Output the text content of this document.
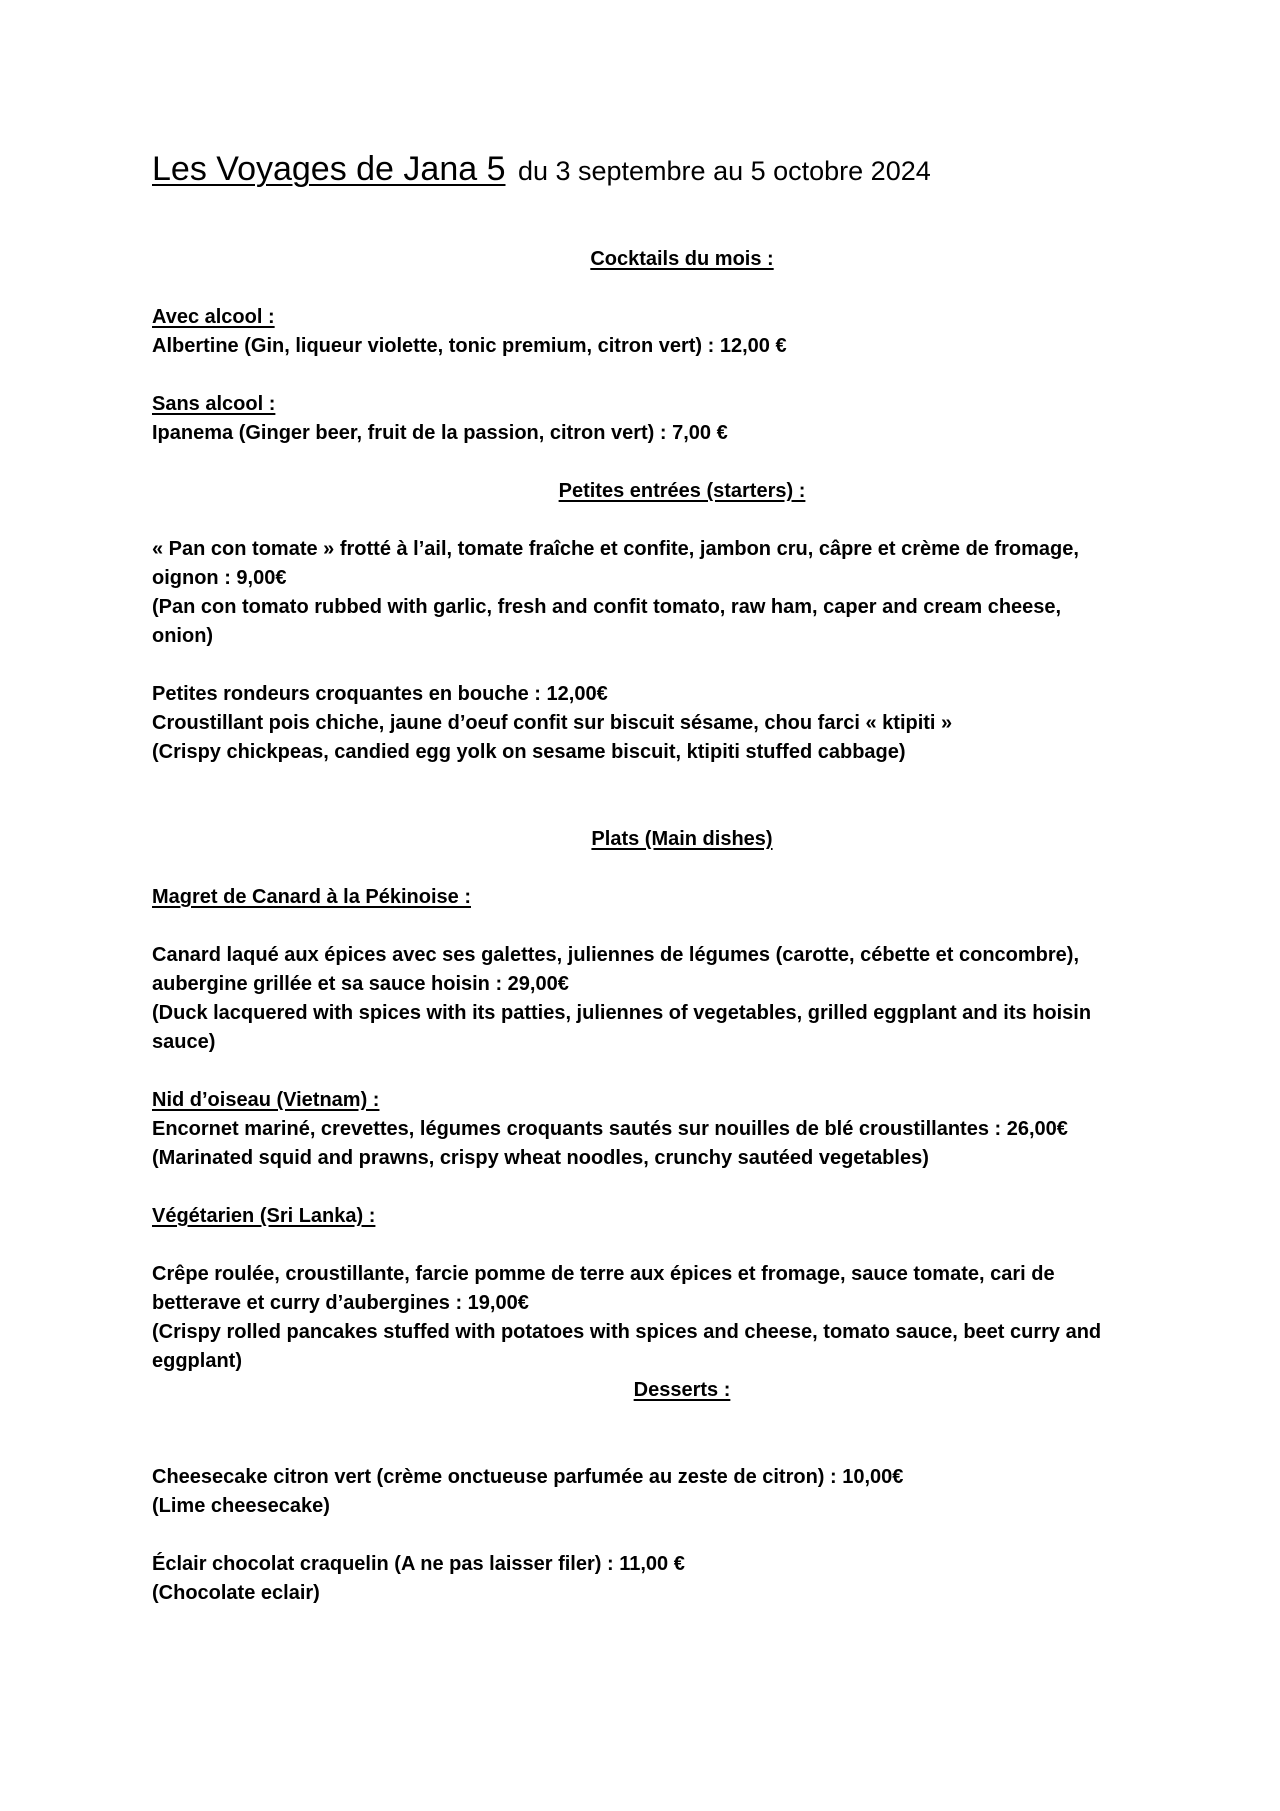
Les Voyages de Jana 5 du 3 septembre au 5 octobre 2024
Cocktails du mois :
Avec alcool :
Albertine (Gin, liqueur violette, tonic premium, citron vert) : 12,00 €
Sans alcool :
Ipanema (Ginger beer, fruit de la passion, citron vert) : 7,00 €
Petites entrées (starters) :
« Pan con tomate » frotté à l’ail, tomate fraîche et confite, jambon cru, câpre et crème de fromage,
oignon : 9,00€
(Pan con tomato rubbed with garlic, fresh and confit tomato, raw ham, caper and cream cheese,
onion)
Petites rondeurs croquantes en bouche : 12,00€
Croustillant pois chiche, jaune d’oeuf confit sur biscuit sésame, chou farci « ktipiti »
(Crispy chickpeas, candied egg yolk on sesame biscuit, ktipiti stuffed cabbage)
Plats (Main dishes)
Magret de Canard à la Pékinoise :
Canard laqué aux épices avec ses galettes, juliennes de légumes (carotte, cébette et concombre),
aubergine grillée et sa sauce hoisin : 29,00€
(Duck lacquered with spices with its patties, juliennes of vegetables, grilled eggplant and its hoisin
sauce)
Nid d’oiseau (Vietnam) :
Encornet mariné, crevettes, légumes croquants sautés sur nouilles de blé croustillantes : 26,00€
(Marinated squid and prawns, crispy wheat noodles, crunchy sautéed vegetables)
Végétarien (Sri Lanka) :
Crêpe roulée, croustillante, farcie pomme de terre aux épices et fromage, sauce tomate, cari de
betterave et curry d’aubergines : 19,00€
(Crispy rolled pancakes stuffed with potatoes with spices and cheese, tomato sauce, beet curry and
eggplant)
Desserts :
Cheesecake citron vert (crème onctueuse parfumée au zeste de citron) : 10,00€
(Lime cheesecake)
Éclair chocolat craquelin (A ne pas laisser filer) : 11,00 €
(Chocolate eclair)
